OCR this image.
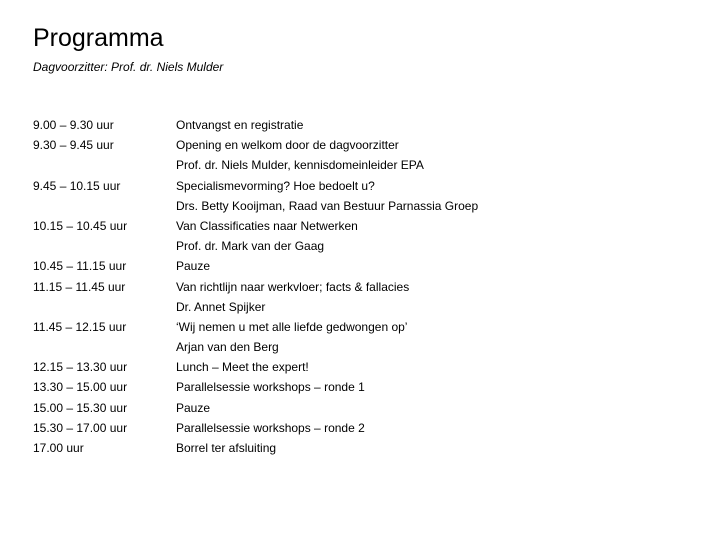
Programma
Dagvoorzitter: Prof. dr. Niels Mulder
9.00 – 9.30 uur	Ontvangst en registratie
9.30 – 9.45 uur	Opening en welkom door de dagvoorzitter
Prof. dr. Niels Mulder, kennisdomeinleider EPA
9.45 – 10.15 uur	Specialismevorming? Hoe bedoelt u?
Drs. Betty Kooijman, Raad van Bestuur Parnassia Groep
10.15 – 10.45 uur	Van Classificaties naar Netwerken
Prof. dr. Mark van der Gaag
10.45 – 11.15 uur	Pauze
11.15 – 11.45 uur	Van richtlijn naar werkvloer; facts & fallacies
Dr. Annet Spijker
11.45 – 12.15 uur	‘Wij nemen u met alle liefde gedwongen op’
Arjan van den Berg
12.15 – 13.30 uur	Lunch – Meet the expert!
13.30 – 15.00 uur	Parallelsessie workshops – ronde 1
15.00 – 15.30 uur	Pauze
15.30 – 17.00 uur	Parallelsessie workshops – ronde 2
17.00 uur	Borrel ter afsluiting
